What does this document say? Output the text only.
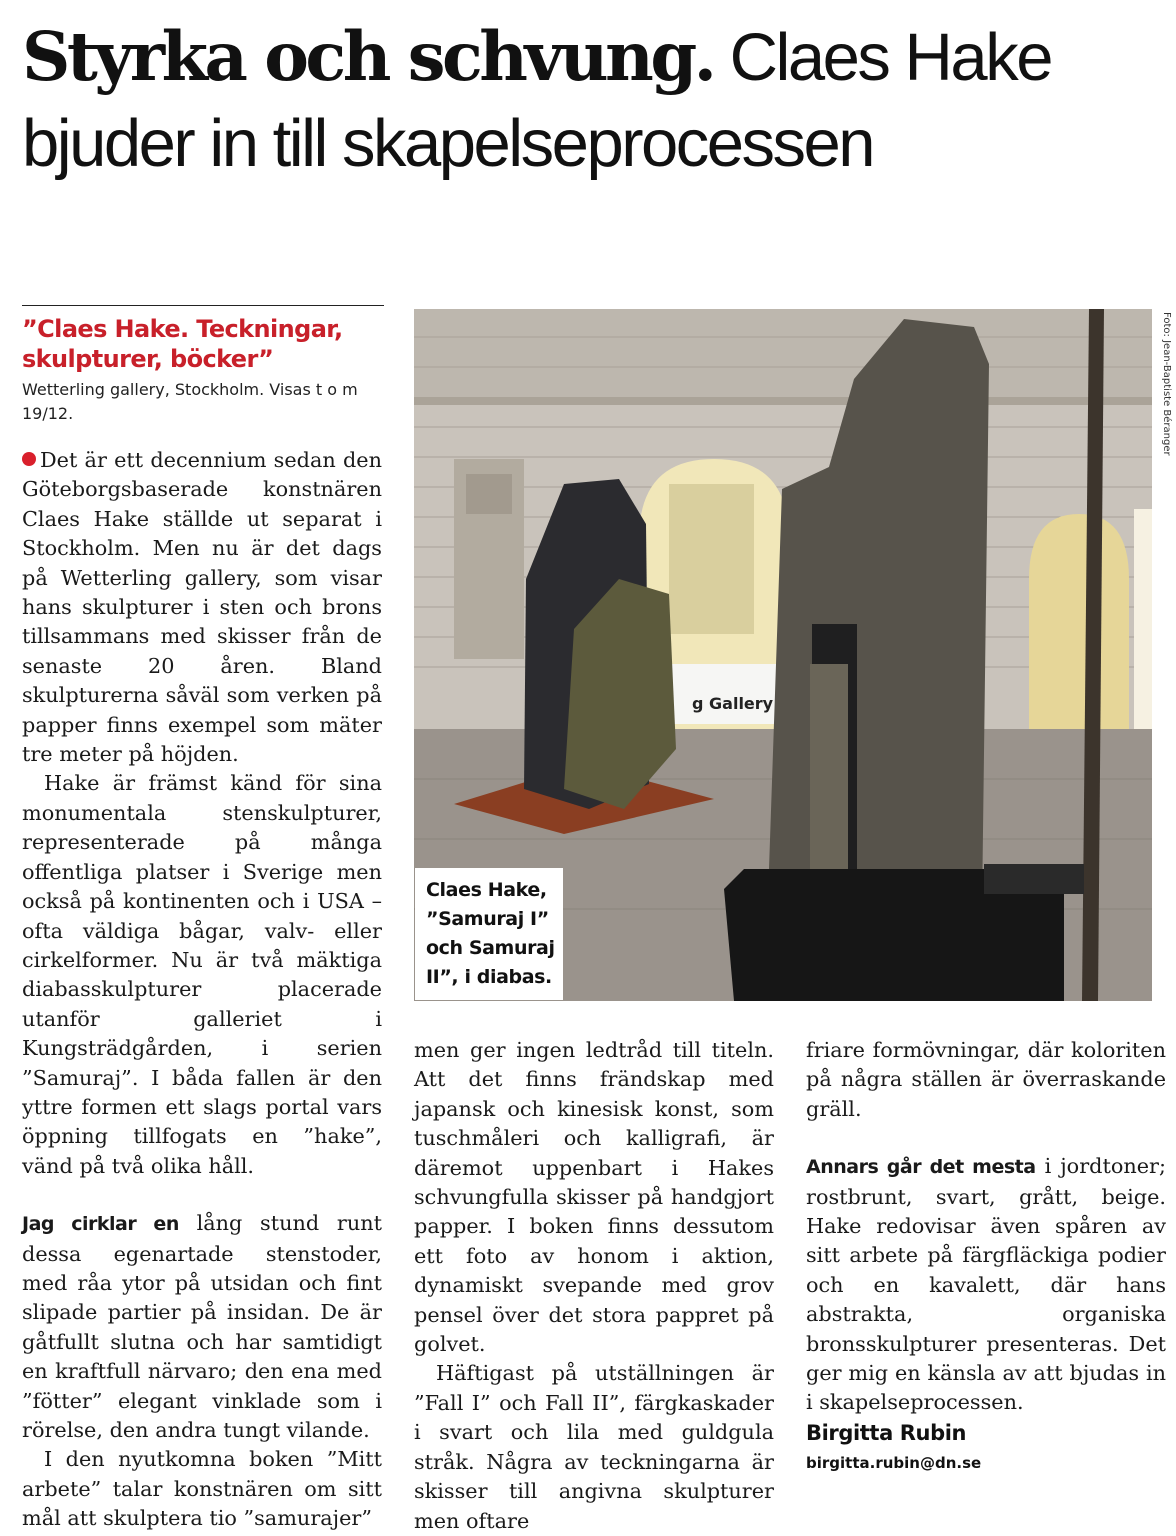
Styrka och schvung. Claes Hake bjuder in till skapelseprocessen

”Claes Hake. Teckningar, skulpturer, böcker”

Wetterling gallery, Stockholm. Visas t o m 19/12.

g Gallery
Foto: Jean-Baptiste Béranger
Claes Hake, ”Samuraj I” och Samuraj II”, i diabas.

Det är ett decennium sedan den Göteborgsbaserade konstnären Claes Hake ställde ut separat i Stockholm. Men nu är det dags på Wetterling gallery, som visar hans skulpturer i sten och brons tillsammans med skisser från de senaste 20 åren. Bland skulpturerna såväl som verken på papper finns exempel som mäter tre meter på höjden.

Hake är främst känd för sina monumentala stenskulpturer, representerade på många offentliga platser i Sverige men också på kontinenten och i USA – ofta väldiga bågar, valv- eller cirkelformer. Nu är två mäktiga diabasskulpturer placerade utanför galleriet i Kungsträdgården, i serien ”Samuraj”. I båda fallen är den yttre formen ett slags portal vars öppning tillfogats en ”hake”, vänd på två olika håll.

Jag cirklar en lång stund runt dessa egenartade stenstoder, med råa ytor på utsidan och fint slipade partier på insidan. De är gåtfullt slutna och har samtidigt en kraftfull närvaro; den ena med ”fötter” elegant vinklade som i rörelse, den andra tungt vilande.

I den nyutkomna boken ”Mitt arbete” talar konstnären om sitt mål att skulptera tio ”samurajer”

men ger ingen ledtråd till titeln. Att det finns frändskap med japansk och kinesisk konst, som tuschmåleri och kalligrafi, är däremot uppenbart i Hakes schvungfulla skisser på handgjort papper. I boken finns dessutom ett foto av honom i aktion, dynamiskt svepande med grov pensel över det stora pappret på golvet.

Häftigast på utställningen är ”Fall I” och Fall II”, färgkaskader i svart och lila med guldgula stråk. Några av teckningarna är skisser till angivna skulpturer men oftare

friare formövningar, där koloriten på några ställen är överraskande gräll.

Annars går det mesta i jordtoner; rostbrunt, svart, grått, beige. Hake redovisar även spåren av sitt arbete på färgfläckiga podier och en kavalett, där hans abstrakta, organiska bronsskulpturer presenteras. Det ger mig en känsla av att bjudas in i skapelseprocessen.

Birgitta Rubin
birgitta.rubin@dn.se
